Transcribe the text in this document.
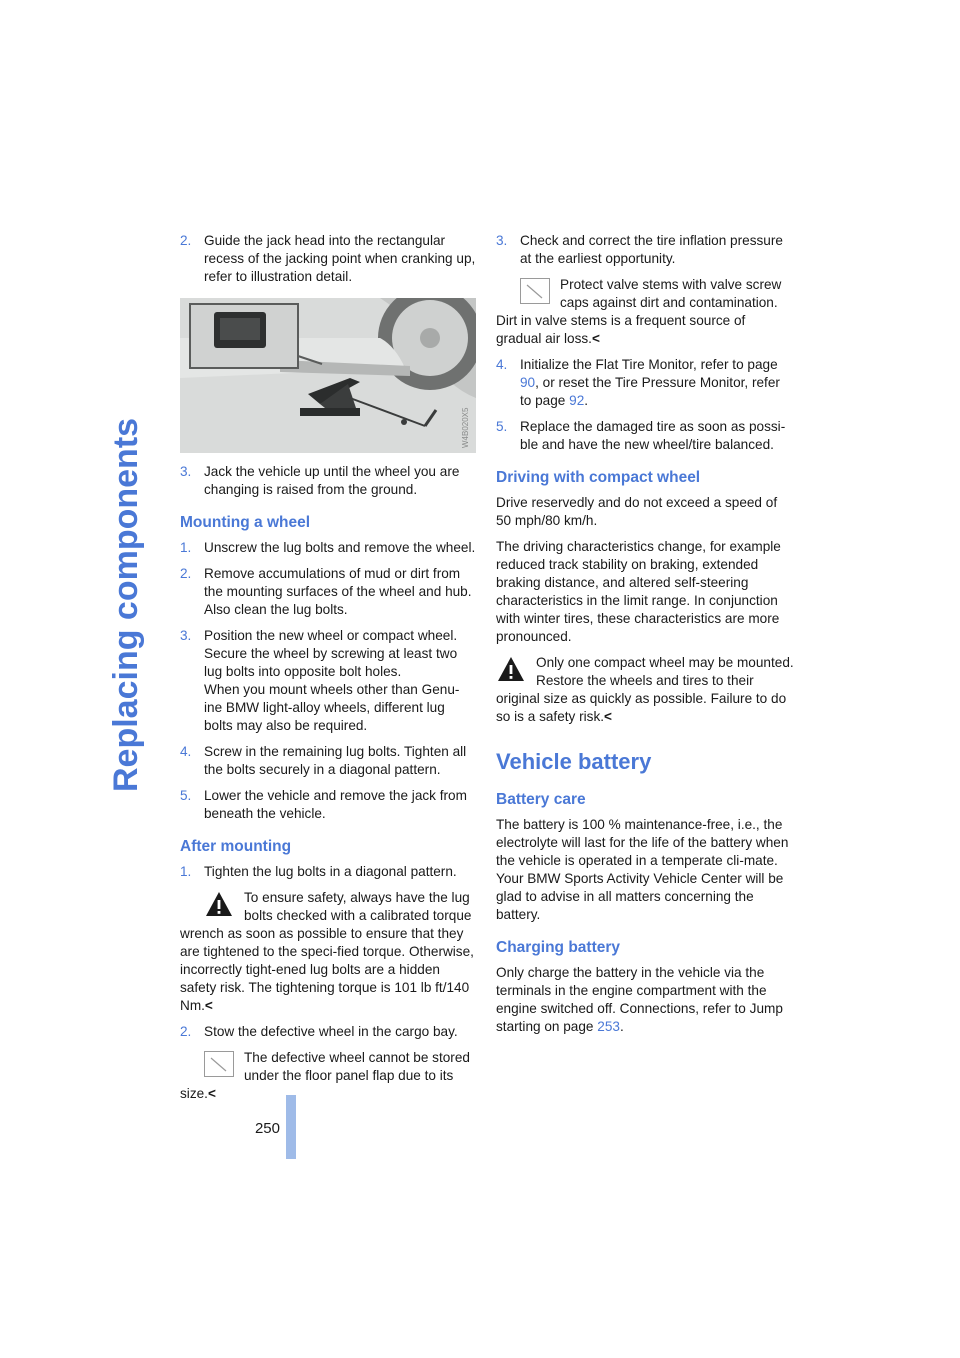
Replacing components
250
2. Guide the jack head into the rectangular recess of the jacking point when cranking up, refer to illustration detail.
W4B020X5
3. Jack the vehicle up until the wheel you are changing is raised from the ground.
Mounting a wheel
1. Unscrew the lug bolts and remove the wheel.
2. Remove accumulations of mud or dirt from the mounting surfaces of the wheel and hub. Also clean the lug bolts.
3. Position the new wheel or compact wheel. Secure the wheel by screwing at least two lug bolts into opposite bolt holes.
When you mount wheels other than Genu-ine BMW light-alloy wheels, different lug bolts may also be required.
4. Screw in the remaining lug bolts. Tighten all the bolts securely in a diagonal pattern.
5. Lower the vehicle and remove the jack from beneath the vehicle.
After mounting
1. Tighten the lug bolts in a diagonal pattern.
To ensure safety, always have the lug bolts checked with a calibrated torque wrench as soon as possible to ensure that they are tightened to the speci-fied torque. Otherwise, incorrectly tight-ened lug bolts are a hidden safety risk. The tightening torque is 101 lb ft/140 Nm.<
2. Stow the defective wheel in the cargo bay.
The defective wheel cannot be stored under the floor panel flap due to its size.<
3. Check and correct the tire inflation pressure at the earliest opportunity.
Protect valve stems with valve screw caps against dirt and contamination. Dirt in valve stems is a frequent source of gradual air loss.<
4. Initialize the Flat Tire Monitor, refer to page 90, or reset the Tire Pressure Monitor, refer to page 92.
5. Replace the damaged tire as soon as possi-ble and have the new wheel/tire balanced.
Driving with compact wheel

Drive reservedly and do not exceed a speed of 50 mph/80 km/h.

The driving characteristics change, for example reduced track stability on braking, extended braking distance, and altered self-steering characteristics in the limit range. In conjunction with winter tires, these characteristics are more pronounced.

Only one compact wheel may be mounted. Restore the wheels and tires to their original size as quickly as possible. Failure to do so is a safety risk.<
Vehicle battery
Battery care

The battery is 100 % maintenance-free, i.e., the electrolyte will last for the life of the battery when the vehicle is operated in a temperate cli-mate. Your BMW Sports Activity Vehicle Center will be glad to advise in all matters concerning the battery.

Charging battery

Only charge the battery in the vehicle via the terminals in the engine compartment with the engine switched off. Connections, refer to Jump starting on page 253.
